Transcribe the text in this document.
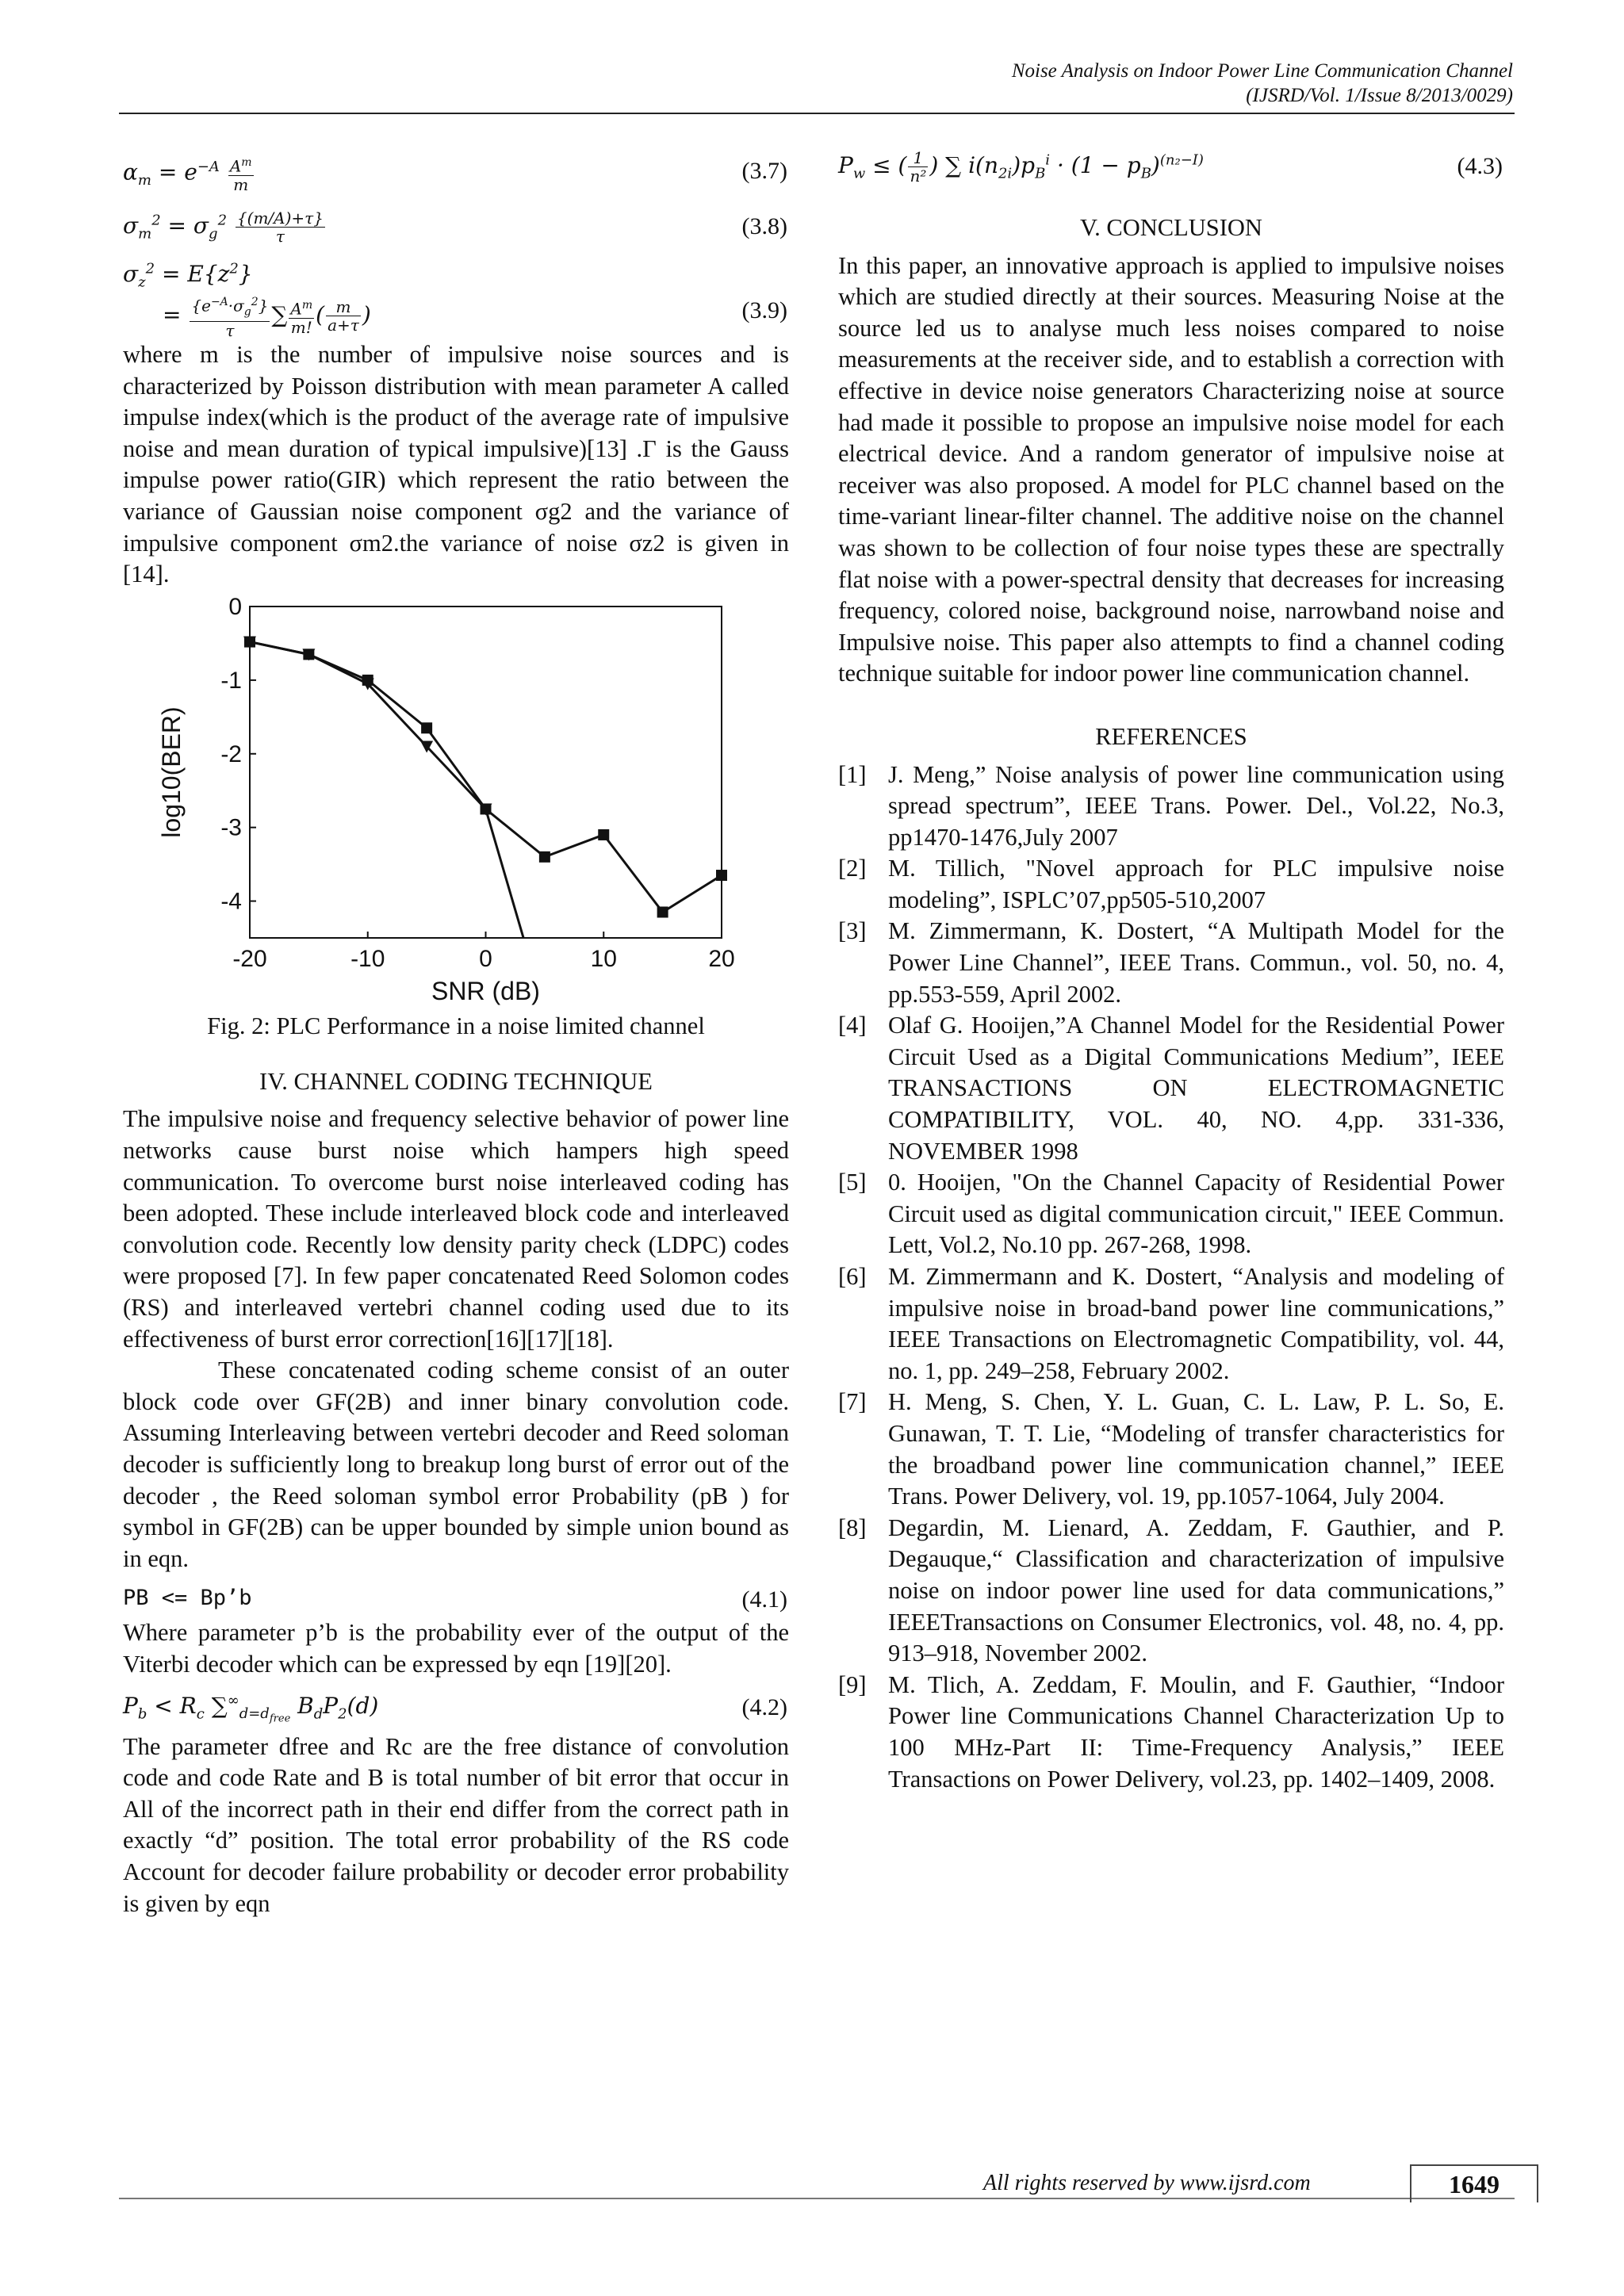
Noise Analysis on Indoor Power Line Communication Channel
(IJSRD/Vol. 1/Issue 8/2013/0029)
$\alpha_m = e^{-A} \frac{A^m}{m}$	(3.7)
$\sigma_m^2 = \sigma_g^2 \frac{\{(m/A)+\tau\}}{\tau}$	(3.8)
$\sigma_z^2 = E\{z^2\}$
= $\frac{\{e^{-A}\cdot\sigma_g^2\}}{\tau}$ ∑ $\frac{A^m}{m!}$ ( $\frac{m}{a+\tau}$ )	(3.9)

where m is the number of impulsive noise sources and is characterized by Poisson distribution with mean parameter A called impulse index(which is the product of the average rate of impulsive noise and mean duration of typical impulsive)[13] .Γ is the Gauss impulse power ratio(GIR) which represent the ratio between the variance of Gaussian noise component σg2 and the variance of impulsive component σm2.the variance of noise σz2 is given in [14].

-20	-10	0	10	20
0
-1
-2
-3
-4
SNR (dB)
log10(BER)

Fig. 2: PLC Performance in a noise limited channel

IV. CHANNEL CODING TECHNIQUE

The impulsive noise and frequency selective behavior of power line networks cause burst noise which hampers high speed communication. To overcome burst noise interleaved coding has been adopted. These include interleaved block code and interleaved convolution code. Recently low density parity check (LDPC) codes were proposed [7]. In few paper concatenated Reed Solomon codes (RS) and interleaved vertebri channel coding used due to its effectiveness of burst error correction[16][17][18].

These concatenated coding scheme consist of an outer block code over GF(2B) and inner binary convolution code. Assuming Interleaving between vertebri decoder and Reed soloman decoder is sufficiently long to breakup long burst of error out of the decoder , the Reed soloman symbol error Probability (pB ) for symbol in GF(2B) can be upper bounded by simple union bound as in eqn.

PB <= Bp’b	(4.1)

Where parameter p’b is the probability ever of the output of the Viterbi decoder which can be expressed by eqn [19][20].

$P_b < R_c$ $\sum^\infty_{d=d_{free}}$ $B_dP_2(d)$	(4.2)

The parameter dfree and Rc are the free distance of convolution code and code Rate and B is total number of bit error that occur in All of the incorrect path in their end differ from the correct path in exactly “d” position. The total error probability of the RS code Account for decoder failure probability or decoder error probability is given by eqn

$P_w$ ≤ ( $\frac{1}{\text{n²}}$ ) ∑ $i(n_{2i})p_B^i \cdot (1 - p_B)^{(n_2-I)}$	(4.3)

V. CONCLUSION

In this paper, an innovative approach is applied to impulsive noises which are studied directly at their sources. Measuring Noise at the source led us to analyse much less noises compared to noise measurements at the receiver side, and to establish a correction with effective in device noise generators Characterizing noise at source had made it possible to propose an impulsive noise model for each electrical device. And a random generator of impulsive noise at receiver was also proposed. A model for PLC channel based on the time-variant linear-filter channel. The additive noise on the channel was shown to be collection of four noise types these are spectrally flat noise with a power-spectral density that decreases for increasing frequency, colored noise, background noise, narrowband noise and Impulsive noise. This paper also attempts to find a channel coding technique suitable for indoor power line communication channel.

REFERENCES

[1] J. Meng,” Noise analysis of power line communication using spread spectrum”, IEEE Trans. Power. Del., Vol.22, No.3, pp1470-1476,July 2007

[2] M. Tillich, "Novel approach for PLC impulsive noise modeling”, ISPLC’07,pp505-510,2007

[3] M. Zimmermann, K. Dostert, “A Multipath Model for the Power Line Channel”, IEEE Trans. Commun., vol. 50, no. 4, pp.553-559, April 2002.

[4] Olaf G. Hooijen,”A Channel Model for the Residential Power Circuit Used as a Digital Communications Medium”, IEEE TRANSACTIONS ON ELECTROMAGNETIC COMPATIBILITY, VOL. 40, NO. 4,pp. 331-336, NOVEMBER 1998

[5] 0. Hooijen, "On the Channel Capacity of Residential Power Circuit used as digital communication circuit," IEEE Commun. Lett, Vol.2, No.10 pp. 267-268, 1998.

[6] M. Zimmermann and K. Dostert, “Analysis and modeling of impulsive noise in broad-band power line communications,” IEEE Transactions on Electromagnetic Compatibility, vol. 44, no. 1, pp. 249–258, February 2002.

[7] H. Meng, S. Chen, Y. L. Guan, C. L. Law, P. L. So, E. Gunawan, T. T. Lie, “Modeling of transfer characteristics for the broadband power line communication channel,” IEEE Trans. Power Delivery, vol. 19, pp.1057-1064, July 2004.

[8] Degardin, M. Lienard, A. Zeddam, F. Gauthier, and P. Degauque,“ Classification and characterization of impulsive noise on indoor power line used for data communications,” IEEETransactions on Consumer Electronics, vol. 48, no. 4, pp. 913–918, November 2002.

[9] M. Tlich, A. Zeddam, F. Moulin, and F. Gauthier, “Indoor Power line Communications Channel Characterization Up to 100 MHz-Part II: Time-Frequency Analysis,” IEEE Transactions on Power Delivery, vol.23, pp. 1402–1409, 2008.

All rights reserved by www.ijsrd.com	1649
